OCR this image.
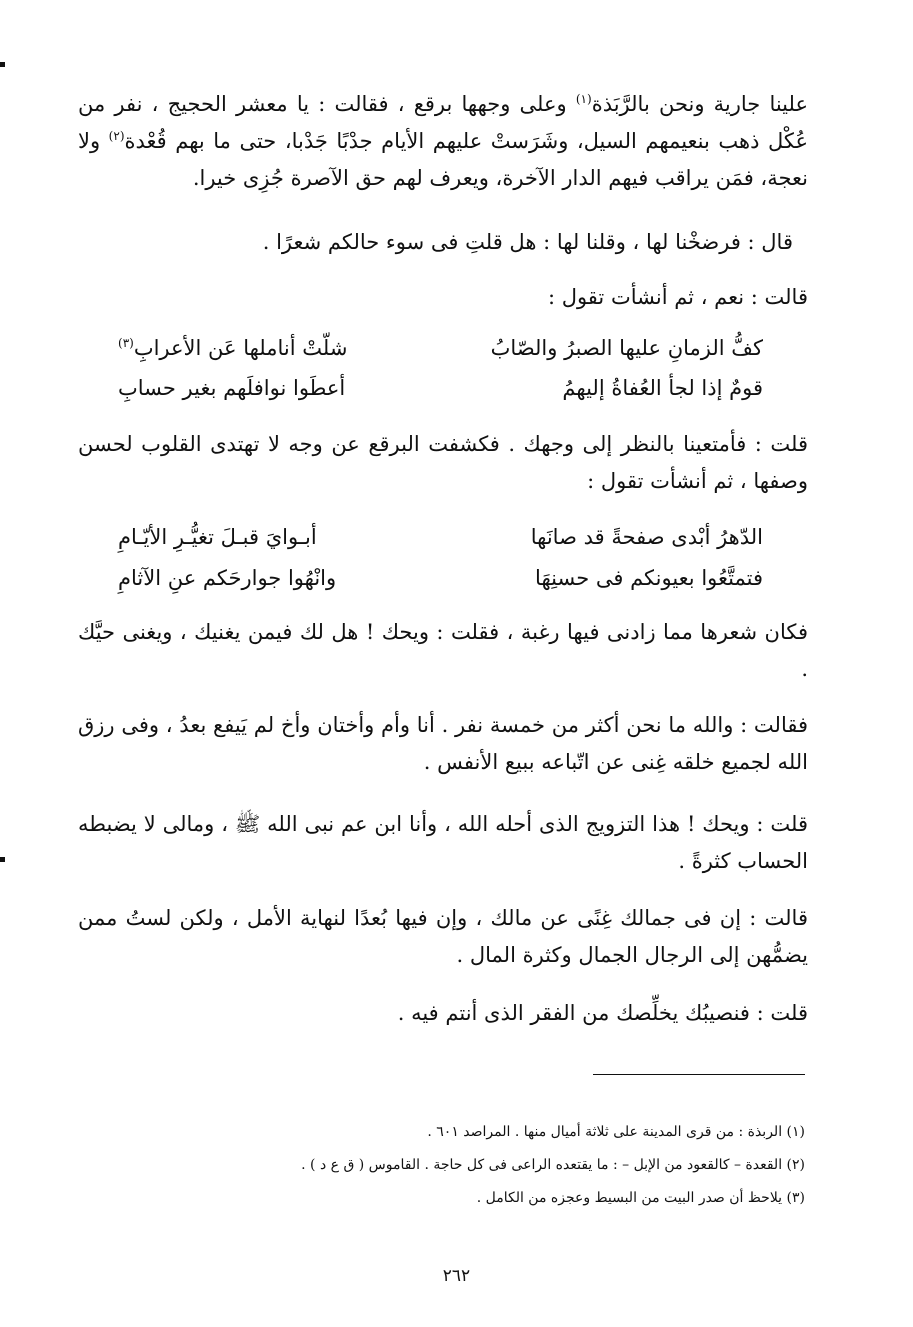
علينا جارية ونحن بالرَّبَذة$^{(١)}$ وعلى وجهها برقع ، فقالت : يا معشر الحجيج ، نفر من عُكْل ذهب بنعيمهم السيل، وشَرَستْ عليهم الأيام جدْبًا جَدْبا، حتى ما بهم قُعْدة$^{(٢)}$ ولا نعجة، فمَن يراقب فيهم الدار الآخرة، ويعرف لهم حق الآصرة جُزِى خيرا.

قال : فرضخْنا لها ، وقلنا لها : هل قلتِ فى سوء حالكم شعرًا .

قالت : نعم ، ثم أنشأت تقول :

كفُّ الزمانِ عليها الصبرُ والصّابُ
شلّتْ أناملها عَن الأعرابِ$^{(٣)}$
قومٌ إذا لجأ العُفاةُ إليهمُ
أعطَوا نوافلَهم بغير حسابِ

قلت : فأمتعينا بالنظر إلى وجهك . فكشفت البرقع عن وجه لا تهتدى القلوب لحسن وصفها ، ثم أنشأت تقول :

الدّهرُ أبْدى صفحةً قد صانَها
أبـوايَ قبـلَ تغيُّـرِ الأيّـامِ
فتمتَّعُوا بعيونكم فى حسنِهَا
وانْهُوا جوارحَكم عنِ الآثامِ

فكان شعرها مما زادنى فيها رغبة ، فقلت : ويحك ! هل لك فيمن يغنيك ، ويغنى حيَّك .

فقالت : والله ما نحن أكثر من خمسة نفر . أنا وأم وأختان وأخ لم يَيفع بعدُ ، وفى رزق الله لجميع خلقه غِنى عن اتّباعه ببيع الأنفس .

قلت : ويحك ! هذا التزويج الذى أحله الله ، وأنا ابن عم نبى الله ﷺ ، ومالى لا يضبطه الحساب كثرةً .

قالت : إن فى جمالك غِنًى عن مالك ، وإن فيها بُعدًا لنهاية الأمل ، ولكن لستُ ممن يضمُّهن إلى الرجال الجمال وكثرة المال .

قلت : فنصيبُك يخلِّصك من الفقر الذى أنتم فيه .

(١) الربذة : من قرى المدينة على ثلاثة أميال منها . المراصد ٦٠١ .
(٢) القعدة – كالقعود من الإبل – : ما يقتعده الراعى فى كل حاجة . القاموس ( ق ع د ) .
(٣) يلاحظ أن صدر البيت من البسيط وعجزه من الكامل .
٢٦٢
